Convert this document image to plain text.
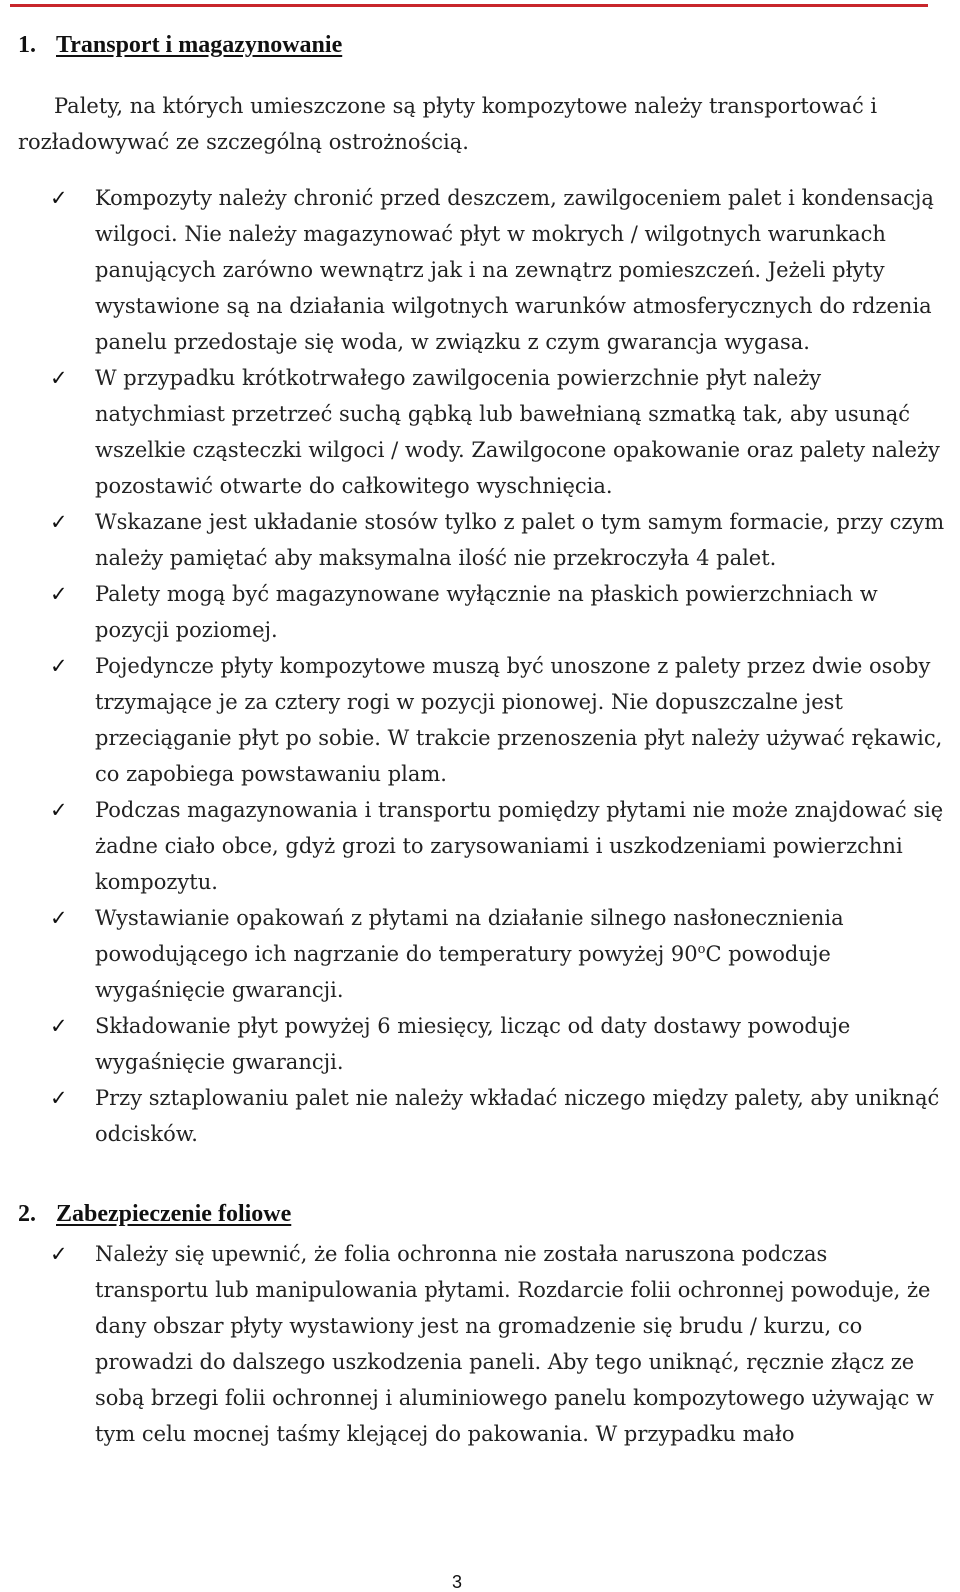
1. Transport i magazynowanie

Palety, na których umieszczone są płyty kompozytowe należy transportować i rozładowywać ze szczególną ostrożnością.

✓ Kompozyty należy chronić przed deszczem, zawilgoceniem palet i kondensacją wilgoci. Nie należy magazynować płyt w mokrych / wilgotnych warunkach panujących zarówno wewnątrz jak i na zewnątrz pomieszczeń. Jeżeli płyty wystawione są na działania wilgotnych warunków atmosferycznych do rdzenia panelu przedostaje się woda, w związku z czym gwarancja wygasa.
✓ W przypadku krótkotrwałego zawilgocenia powierzchnie płyt należy natychmiast przetrzeć suchą gąbką lub bawełnianą szmatką tak, aby usunąć wszelkie cząsteczki wilgoci / wody. Zawilgocone opakowanie oraz palety należy pozostawić otwarte do całkowitego wyschnięcia.
✓ Wskazane jest układanie stosów tylko z palet o tym samym formacie, przy czym należy pamiętać aby maksymalna ilość nie przekroczyła 4 palet.
✓ Palety mogą być magazynowane wyłącznie na płaskich powierzchniach w pozycji poziomej.
✓ Pojedyncze płyty kompozytowe muszą być unoszone z palety przez dwie osoby trzymające je za cztery rogi w pozycji pionowej. Nie dopuszczalne jest przeciąganie płyt po sobie. W trakcie przenoszenia płyt należy używać rękawic, co zapobiega powstawaniu plam.
✓ Podczas magazynowania i transportu pomiędzy płytami nie może znajdować się żadne ciało obce, gdyż grozi to zarysowaniami i uszkodzeniami powierzchni kompozytu.
✓ Wystawianie opakowań z płytami na działanie silnego nasłonecznienia powodującego ich nagrzanie do temperatury powyżej 90$^o$C powoduje wygaśnięcie gwarancji.
✓ Składowanie płyt powyżej 6 miesięcy, licząc od daty dostawy powoduje wygaśnięcie gwarancji.
✓ Przy sztaplowaniu palet nie należy wkładać niczego między palety, aby uniknąć odcisków.
2. Zabezpieczenie foliowe
✓ Należy się upewnić, że folia ochronna nie została naruszona podczas transportu lub manipulowania płytami. Rozdarcie folii ochronnej powoduje, że dany obszar płyty wystawiony jest na gromadzenie się brudu / kurzu, co prowadzi do dalszego uszkodzenia paneli. Aby tego uniknąć, ręcznie złącz ze sobą brzegi folii ochronnej i aluminiowego panelu kompozytowego używając w tym celu mocnej taśmy klejącej do pakowania. W przypadku mało
3
